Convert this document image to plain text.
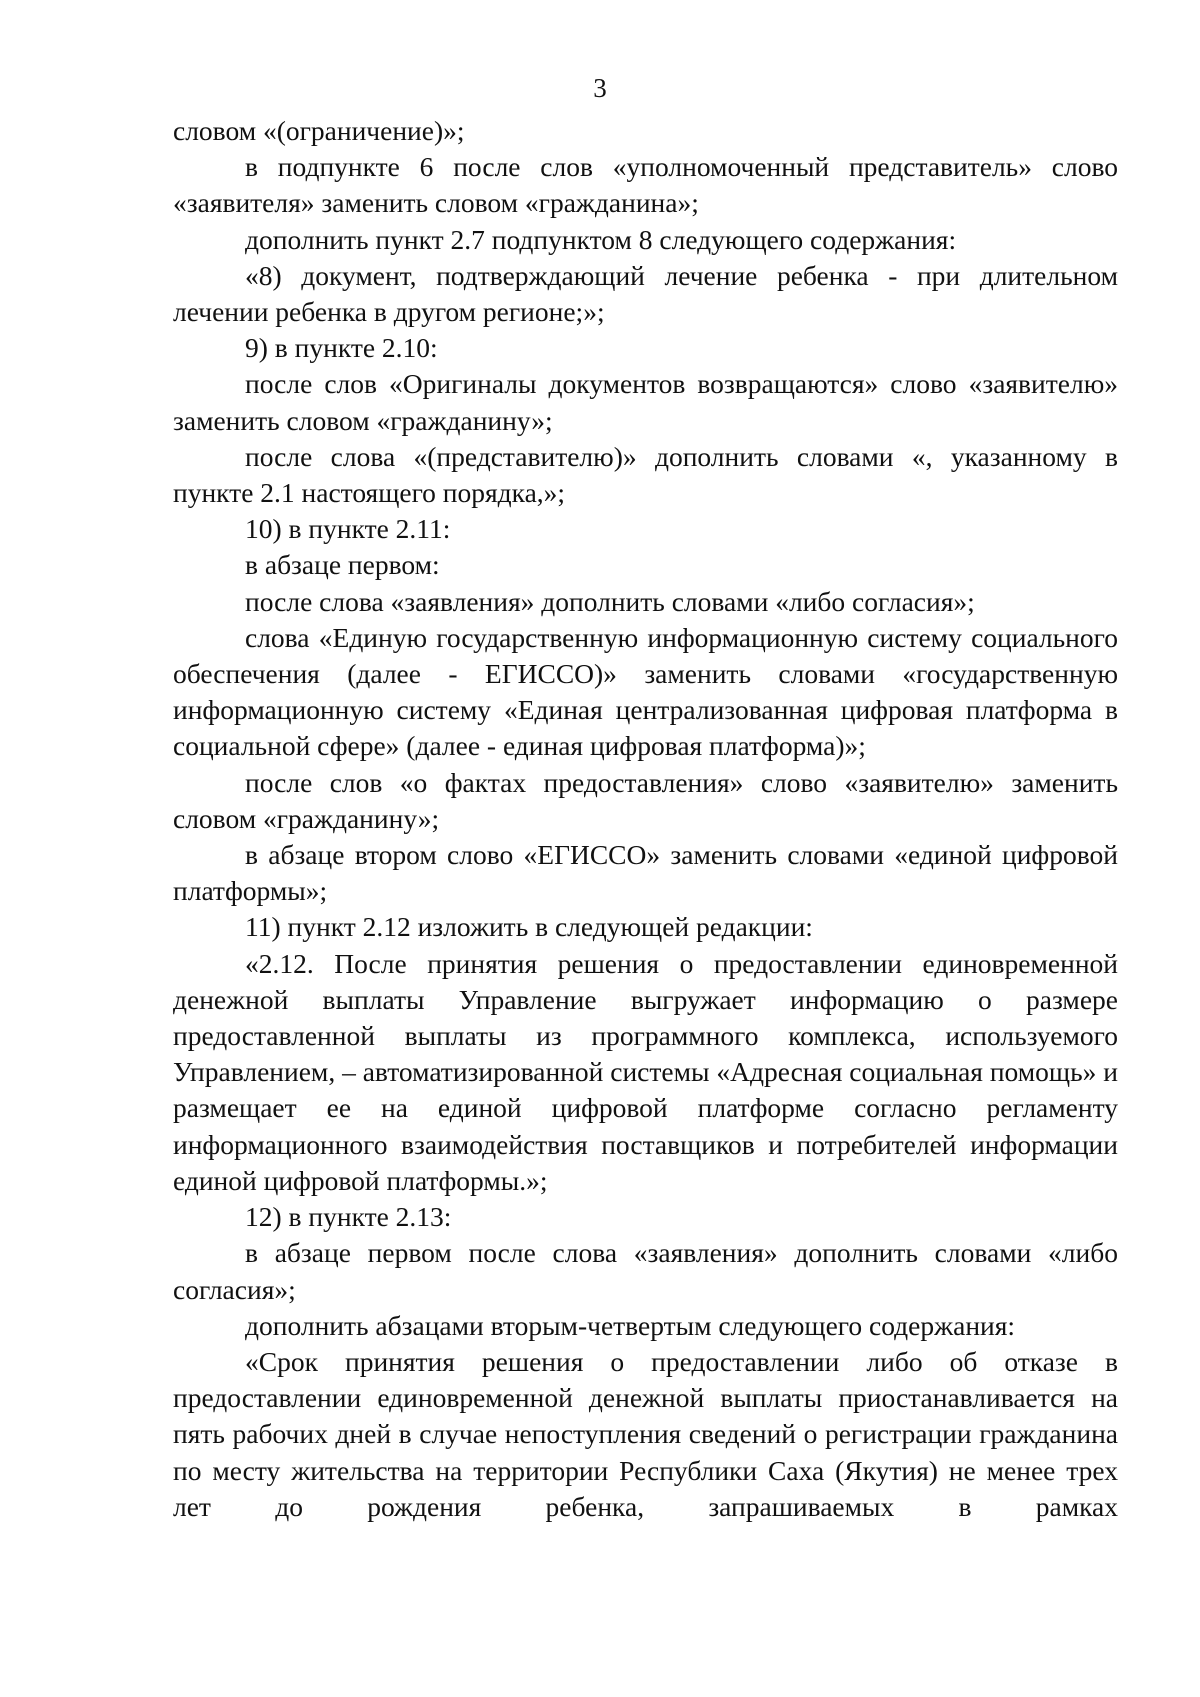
3

словом «(ограничение)»;

в подпункте 6 после слов «уполномоченный представитель» слово «заявителя» заменить словом «гражданина»;

дополнить пункт 2.7 подпунктом 8 следующего содержания:

«8) документ, подтверждающий лечение ребенка - при длительном лечении ребенка в другом регионе;»;

9) в пункте 2.10:

после слов «Оригиналы документов возвращаются» слово «заявителю» заменить словом «гражданину»;

после слова «(представителю)» дополнить словами «, указанному в пункте 2.1 настоящего порядка,»;

10) в пункте 2.11:

в абзаце первом:

после слова «заявления» дополнить словами «либо согласия»;

слова «Единую государственную информационную систему социального обеспечения (далее - ЕГИССО)» заменить словами «государственную информационную систему «Единая централизованная цифровая платформа в социальной сфере» (далее - единая цифровая платформа)»;

после слов «о фактах предоставления» слово «заявителю» заменить словом «гражданину»;

в абзаце втором слово «ЕГИССО» заменить словами «единой цифровой платформы»;

11) пункт 2.12 изложить в следующей редакции:

«2.12. После принятия решения о предоставлении единовременной денежной выплаты Управление выгружает информацию о размере предоставленной выплаты из программного комплекса, используемого Управлением, – автоматизированной системы «Адресная социальная помощь» и размещает ее на единой цифровой платформе согласно регламенту информационного взаимодействия поставщиков и потребителей информации единой цифровой платформы.»;

12) в пункте 2.13:

в абзаце первом после слова «заявления» дополнить словами «либо согласия»;

дополнить абзацами вторым-четвертым следующего содержания:

«Срок принятия решения о предоставлении либо об отказе в предоставлении единовременной денежной выплаты приостанавливается на пять рабочих дней в случае непоступления сведений о регистрации гражданина по месту жительства на территории Республики Саха (Якутия) не менее трех лет до рождения ребенка, запрашиваемых в рамках
